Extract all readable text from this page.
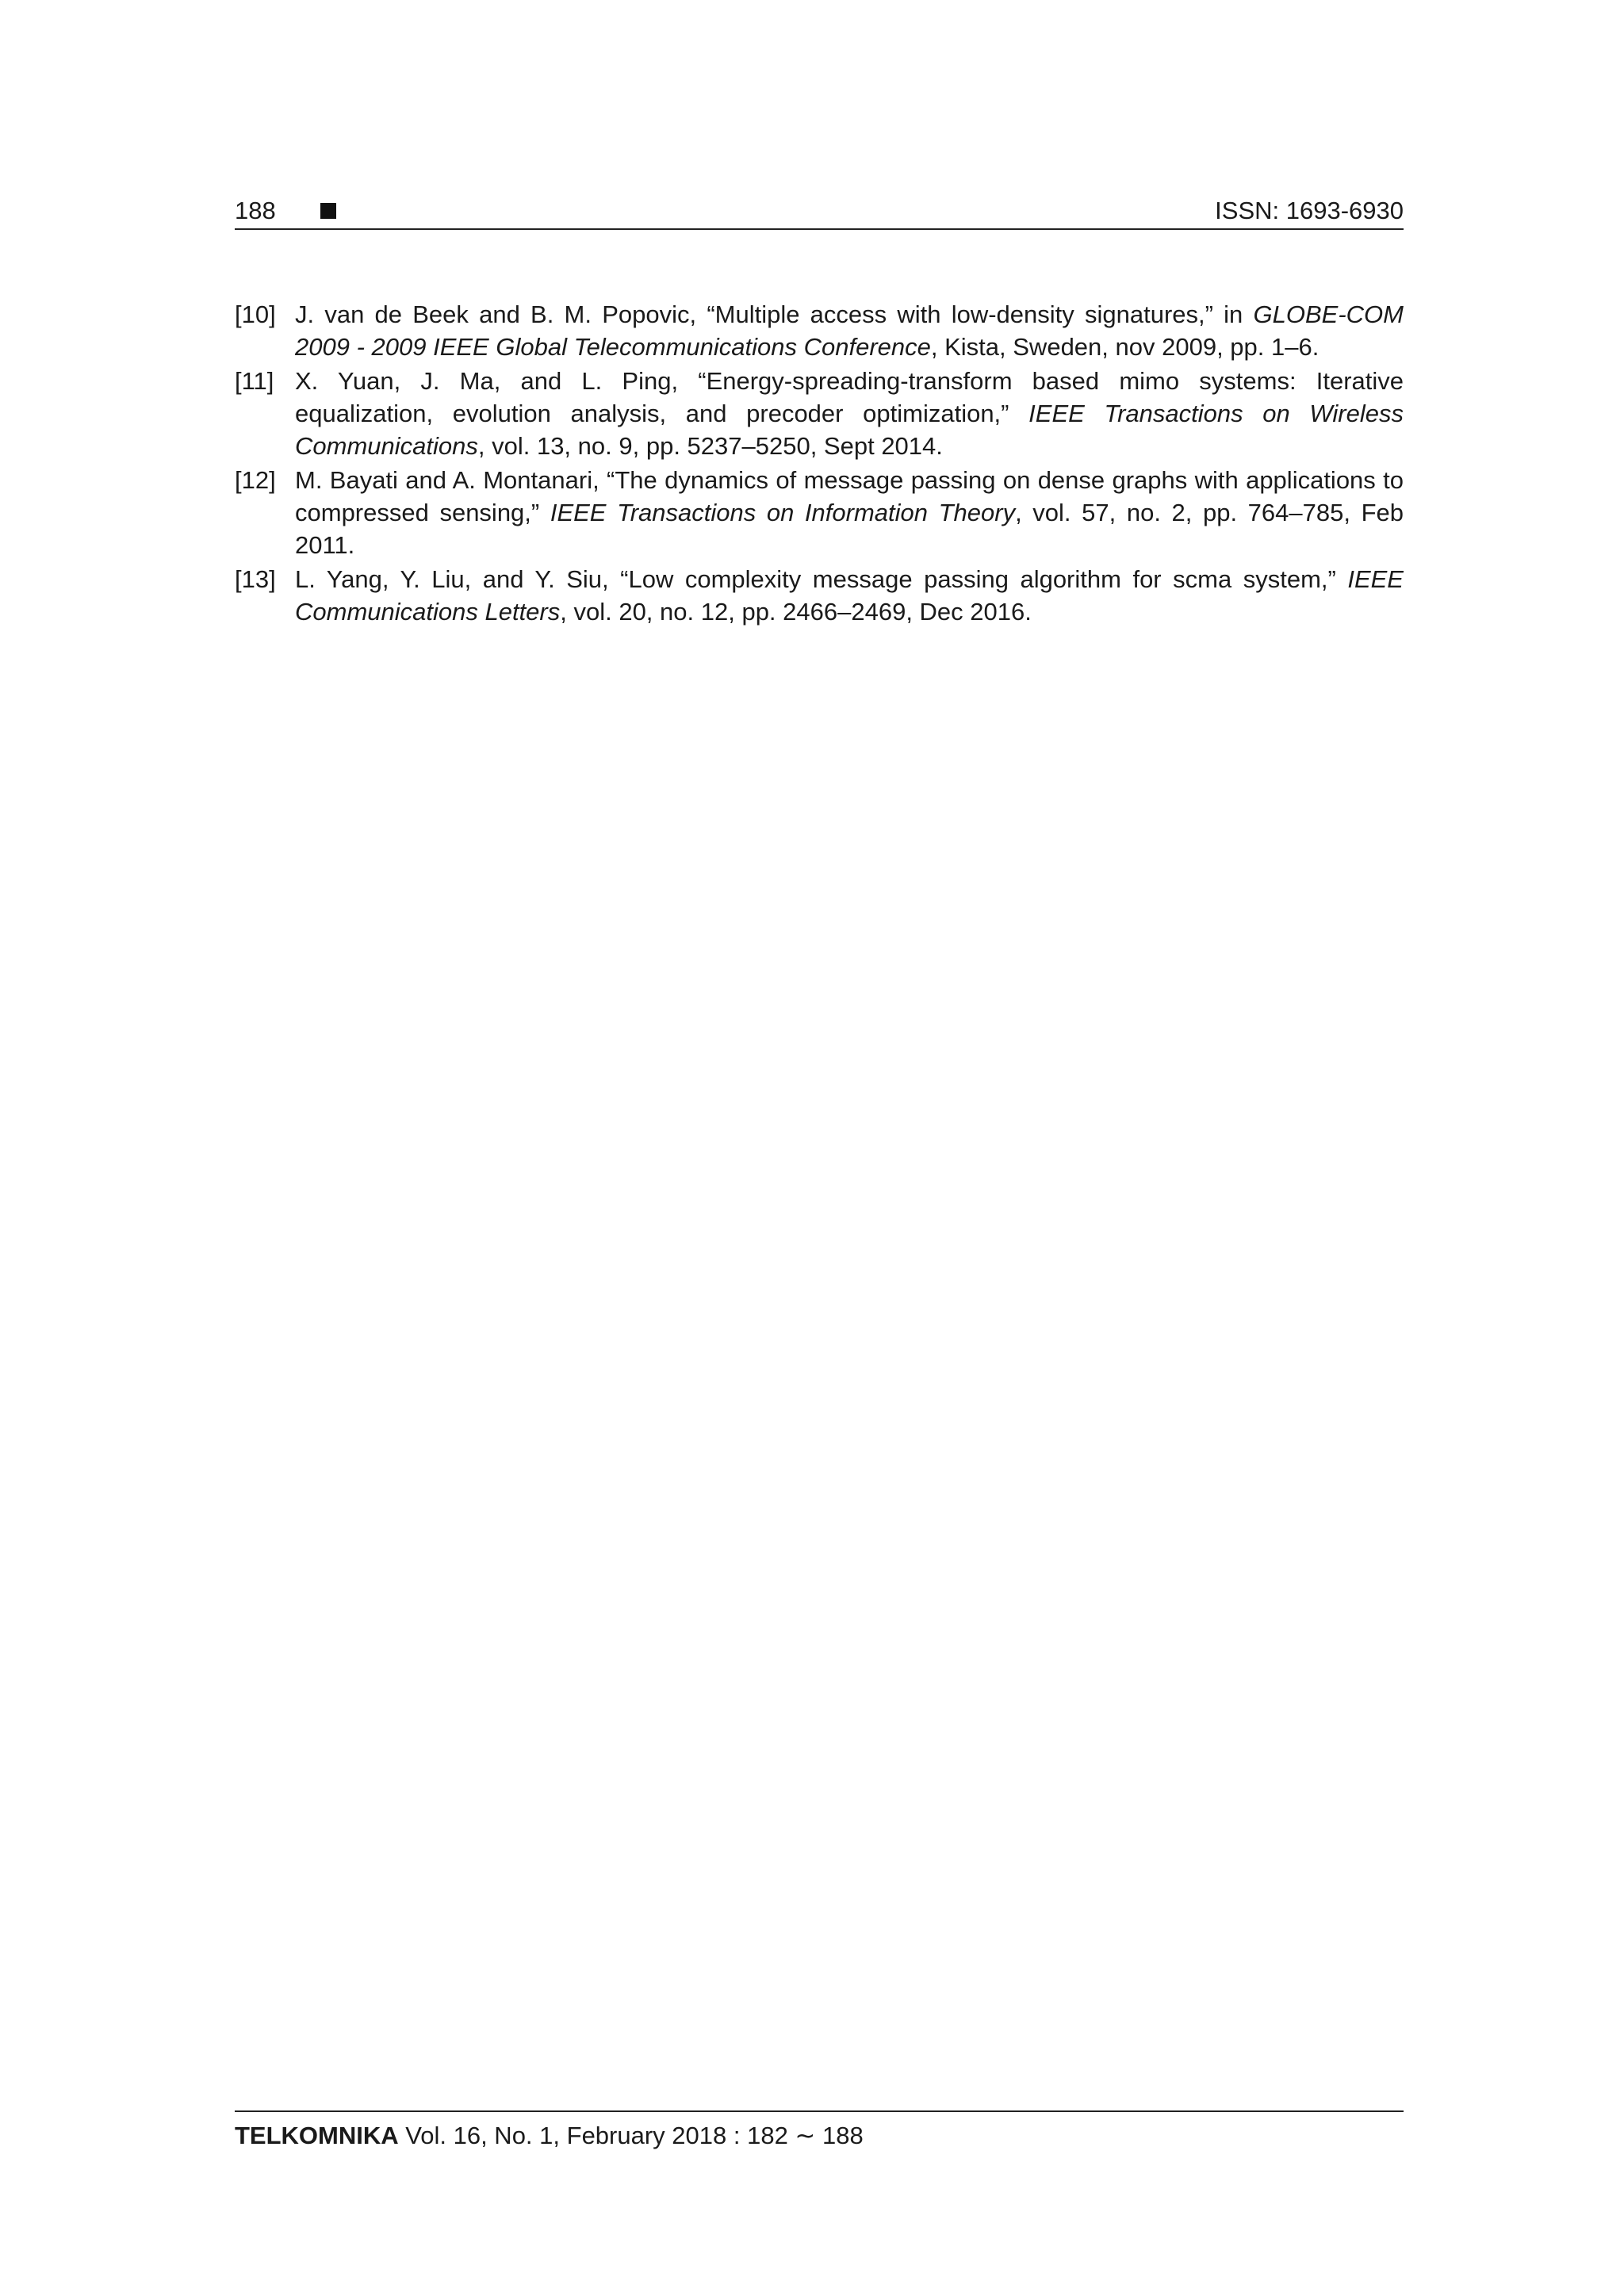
188	ISSN: 1693-6930
[10] J. van de Beek and B. M. Popovic, “Multiple access with low-density signatures,” in GLOBE-COM 2009 - 2009 IEEE Global Telecommunications Conference, Kista, Sweden, nov 2009, pp. 1–6.
[11] X. Yuan, J. Ma, and L. Ping, “Energy-spreading-transform based mimo systems: Iterative equalization, evolution analysis, and precoder optimization,” IEEE Transactions on Wireless Communications, vol. 13, no. 9, pp. 5237–5250, Sept 2014.
[12] M. Bayati and A. Montanari, “The dynamics of message passing on dense graphs with applications to compressed sensing,” IEEE Transactions on Information Theory, vol. 57, no. 2, pp. 764–785, Feb 2011.
[13] L. Yang, Y. Liu, and Y. Siu, “Low complexity message passing algorithm for scma system,” IEEE Communications Letters, vol. 20, no. 12, pp. 2466–2469, Dec 2016.
TELKOMNIKA Vol. 16, No. 1, February 2018 : 182 ∼ 188
